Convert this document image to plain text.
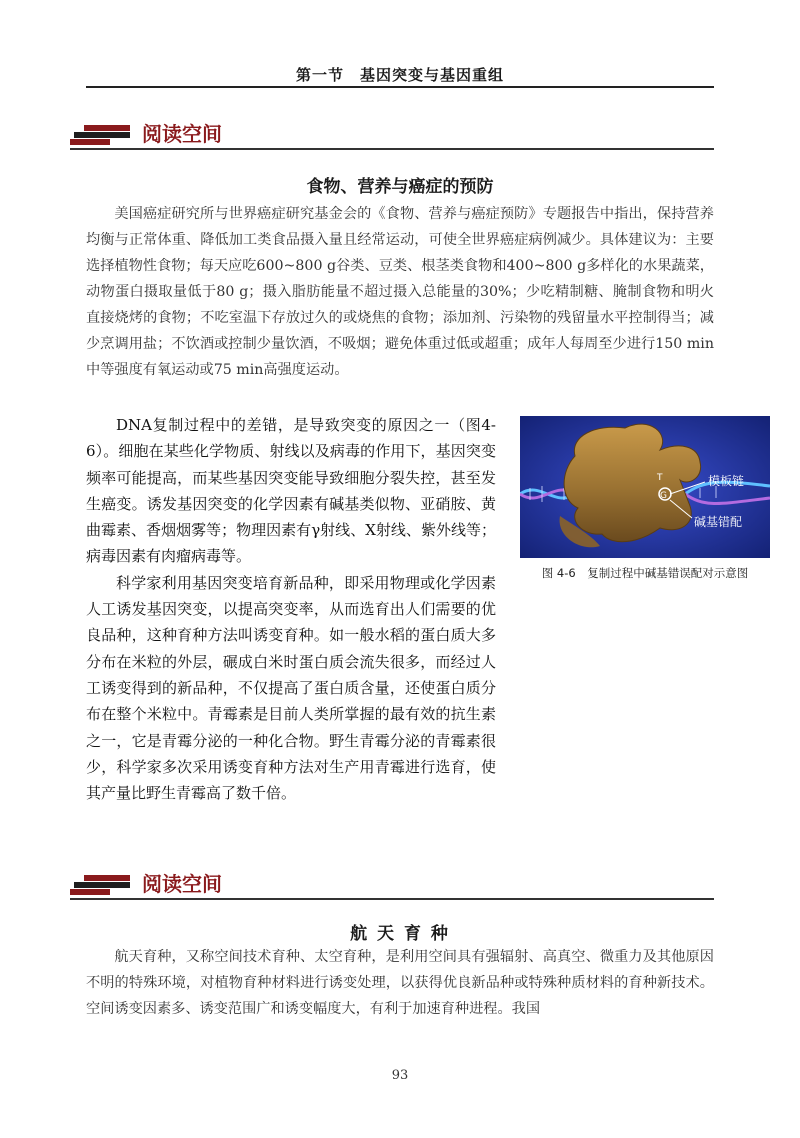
第一节　基因突变与基因重组
阅读空间
食物、营养与癌症的预防

美国癌症研究所与世界癌症研究基金会的《食物、营养与癌症预防》专题报告中指出，保持营养均衡与正常体重、降低加工类食品摄入量且经常运动，可使全世界癌症病例减少。具体建议为：主要选择植物性食物；每天应吃600~800 g谷类、豆类、根茎类食物和400~800 g多样化的水果蔬菜，动物蛋白摄取量低于80 g；摄入脂肪能量不超过摄入总能量的30%；少吃精制糖、腌制食物和明火直接烧烤的食物；不吃室温下存放过久的或烧焦的食物；添加剂、污染物的残留量水平控制得当；减少烹调用盐；不饮酒或控制少量饮酒，不吸烟；避免体重过低或超重；成年人每周至少进行150 min中等强度有氧运动或75 min高强度运动。

DNA复制过程中的差错，是导致突变的原因之一（图4-6）。细胞在某些化学物质、射线以及病毒的作用下，基因突变频率可能提高，而某些基因突变能导致细胞分裂失控，甚至发生癌变。诱发基因突变的化学因素有碱基类似物、亚硝胺、黄曲霉素、香烟烟雾等；物理因素有γ射线、X射线、紫外线等；病毒因素有肉瘤病毒等。

科学家利用基因突变培育新品种，即采用物理或化学因素人工诱发基因突变，以提高突变率，从而选育出人们需要的优良品种，这种育种方法叫诱变育种。如一般水稻的蛋白质大多分布在米粒的外层，碾成白米时蛋白质会流失很多，而经过人工诱变得到的新品种，不仅提高了蛋白质含量，还使蛋白质分布在整个米粒中。青霉素是目前人类所掌握的最有效的抗生素之一，它是青霉分泌的一种化合物。野生青霉分泌的青霉素很少，科学家多次采用诱变育种方法对生产用青霉进行选育，使其产量比野生青霉高了数千倍。

T
G
模板链
碱基错配
图 4-6　复制过程中碱基错误配对示意图
阅读空间
航 天 育 种

航天育种，又称空间技术育种、太空育种，是利用空间具有强辐射、高真空、微重力及其他原因不明的特殊环境，对植物育种材料进行诱变处理，以获得优良新品种或特殊种质材料的育种新技术。空间诱变因素多、诱变范围广和诱变幅度大，有利于加速育种进程。我国

93
